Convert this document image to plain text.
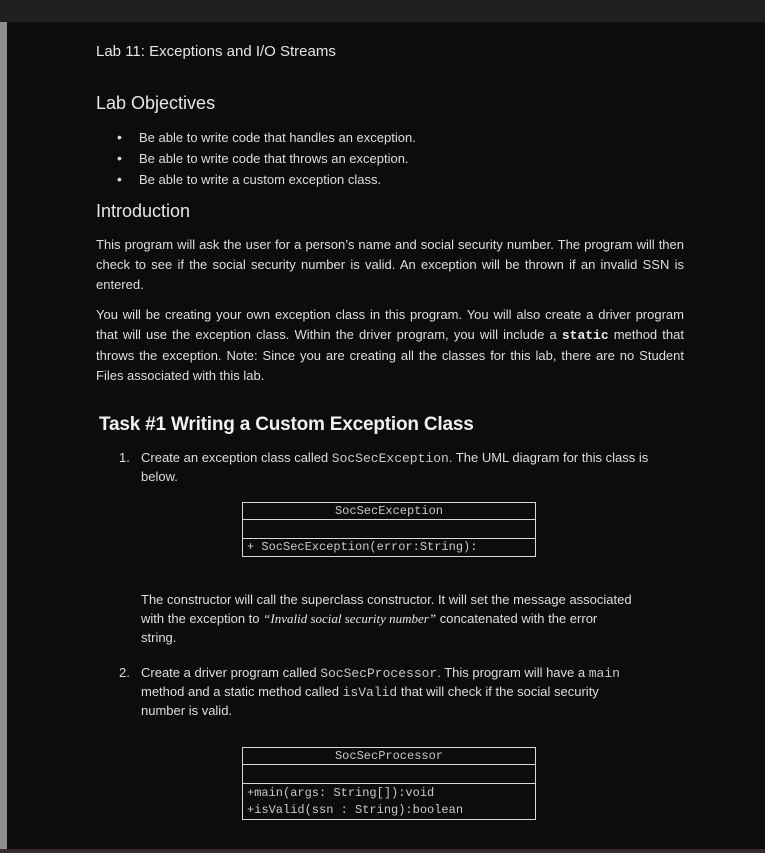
Lab 11: Exceptions and I/O Streams
Lab Objectives
• Be able to write code that handles an exception.
• Be able to write code that throws an exception.
• Be able to write a custom exception class.
Introduction
This program will ask the user for a person’s name and social security number. The program will then check to see if the social security number is valid. An exception will be thrown if an invalid SSN is entered.
You will be creating your own exception class in this program. You will also create a driver program that will use the exception class. Within the driver program, you will include a static method that throws the exception. Note: Since you are creating all the classes for this lab, there are no Student Files associated with this lab.
Task #1 Writing a Custom Exception Class
1. Create an exception class called SocSecException. The UML diagram for this class is
below.
SocSecException
+ SocSecException(error:String):
The constructor will call the superclass constructor. It will set the message associated
with the exception to “Invalid social security number” concatenated with the error
string.
2. Create a driver program called SocSecProcessor. This program will have a main
method and a static method called isValid that will check if the social security
number is valid.
SocSecProcessor
+main(args: String[]):void
+isValid(ssn : String):boolean
